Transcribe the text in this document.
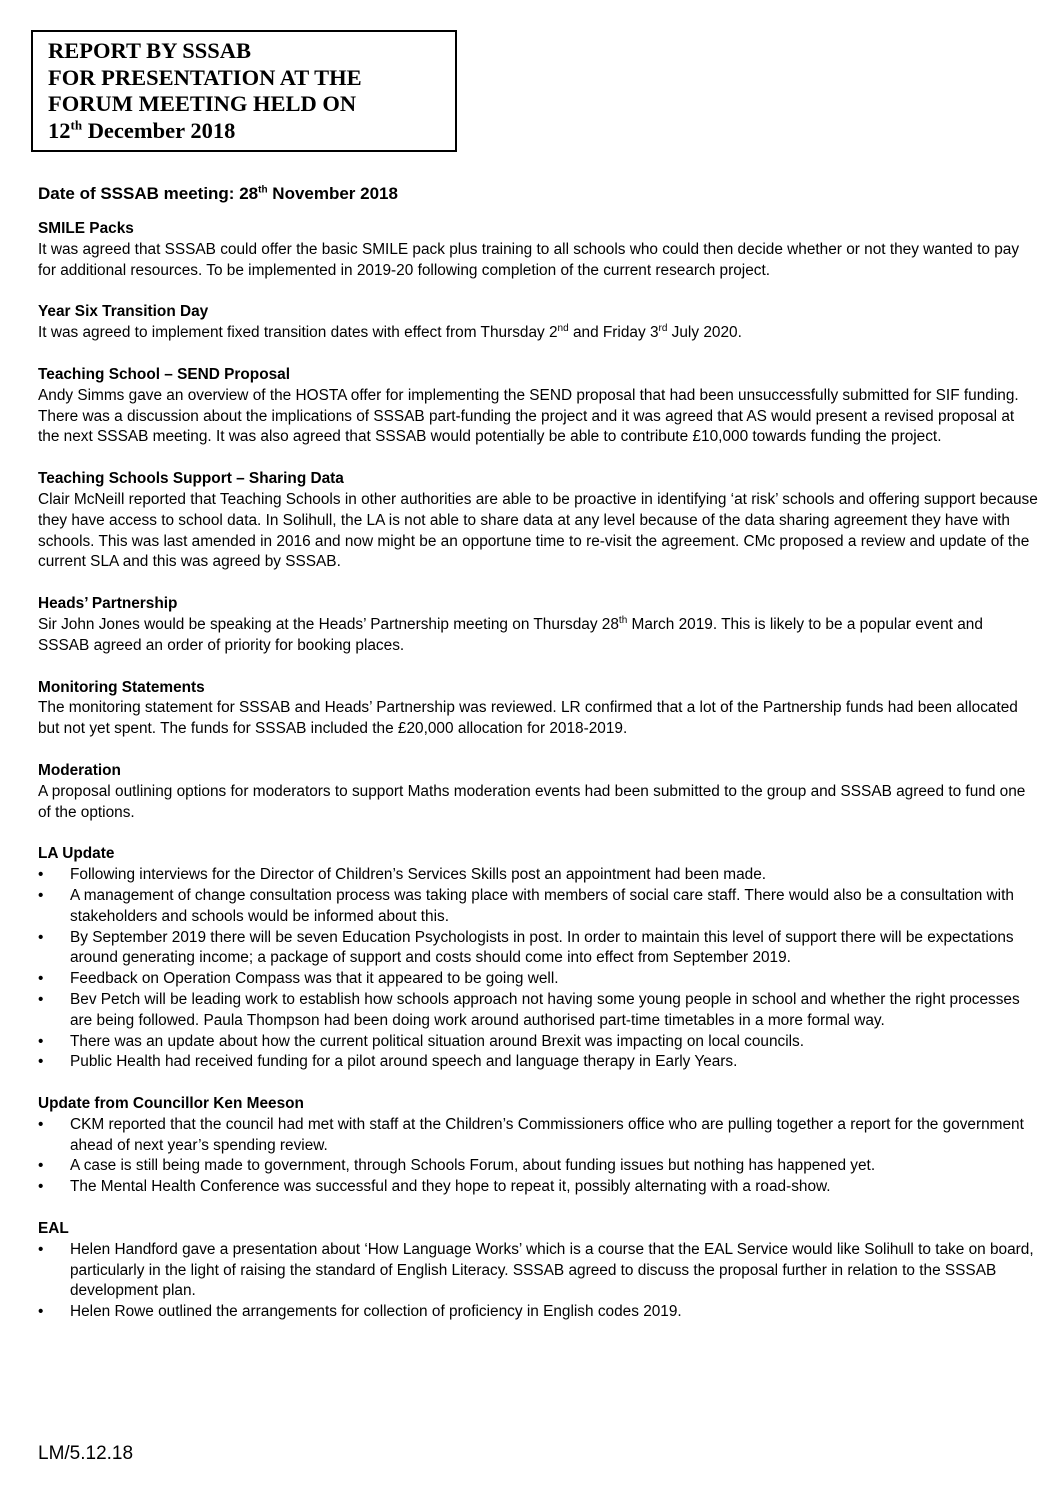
REPORT BY SSSAB
FOR PRESENTATION AT THE
FORUM MEETING HELD ON
12th December 2018
Date of SSSAB meeting: 28th November 2018
SMILE Packs

It was agreed that SSSAB could offer the basic SMILE pack plus training to all schools who could then decide whether or not they wanted to pay for additional resources. To be implemented in 2019-20 following completion of the current research project.

Year Six Transition Day

It was agreed to implement fixed transition dates with effect from Thursday 2nd and Friday 3rd July 2020.

Teaching School – SEND Proposal

Andy Simms gave an overview of the HOSTA offer for implementing the SEND proposal that had been unsuccessfully submitted for SIF funding. There was a discussion about the implications of SSSAB part-funding the project and it was agreed that AS would present a revised proposal at the next SSSAB meeting. It was also agreed that SSSAB would potentially be able to contribute £10,000 towards funding the project.

Teaching Schools Support – Sharing Data

Clair McNeill reported that Teaching Schools in other authorities are able to be proactive in identifying ‘at risk’ schools and offering support because they have access to school data. In Solihull, the LA is not able to share data at any level because of the data sharing agreement they have with schools. This was last amended in 2016 and now might be an opportune time to re-visit the agreement. CMc proposed a review and update of the current SLA and this was agreed by SSSAB.

Heads’ Partnership

Sir John Jones would be speaking at the Heads’ Partnership meeting on Thursday 28th March 2019. This is likely to be a popular event and SSSAB agreed an order of priority for booking places.

Monitoring Statements

The monitoring statement for SSSAB and Heads’ Partnership was reviewed. LR confirmed that a lot of the Partnership funds had been allocated but not yet spent. The funds for SSSAB included the £20,000 allocation for 2018-2019.

Moderation

A proposal outlining options for moderators to support Maths moderation events had been submitted to the group and SSSAB agreed to fund one of the options.

LA Update
• Following interviews for the Director of Children’s Services Skills post an appointment had been made.
• A management of change consultation process was taking place with members of social care staff. There would also be a consultation with stakeholders and schools would be informed about this.
• By September 2019 there will be seven Education Psychologists in post. In order to maintain this level of support there will be expectations around generating income; a package of support and costs should come into effect from September 2019.
• Feedback on Operation Compass was that it appeared to be going well.
• Bev Petch will be leading work to establish how schools approach not having some young people in school and whether the right processes are being followed. Paula Thompson had been doing work around authorised part-time timetables in a more formal way.
• There was an update about how the current political situation around Brexit was impacting on local councils.
• Public Health had received funding for a pilot around speech and language therapy in Early Years.
Update from Councillor Ken Meeson
• CKM reported that the council had met with staff at the Children’s Commissioners office who are pulling together a report for the government ahead of next year’s spending review.
• A case is still being made to government, through Schools Forum, about funding issues but nothing has happened yet.
• The Mental Health Conference was successful and they hope to repeat it, possibly alternating with a road-show.
EAL
• Helen Handford gave a presentation about ‘How Language Works’ which is a course that the EAL Service would like Solihull to take on board, particularly in the light of raising the standard of English Literacy. SSSAB agreed to discuss the proposal further in relation to the SSSAB development plan.
• Helen Rowe outlined the arrangements for collection of proficiency in English codes 2019.
LM/5.12.18
